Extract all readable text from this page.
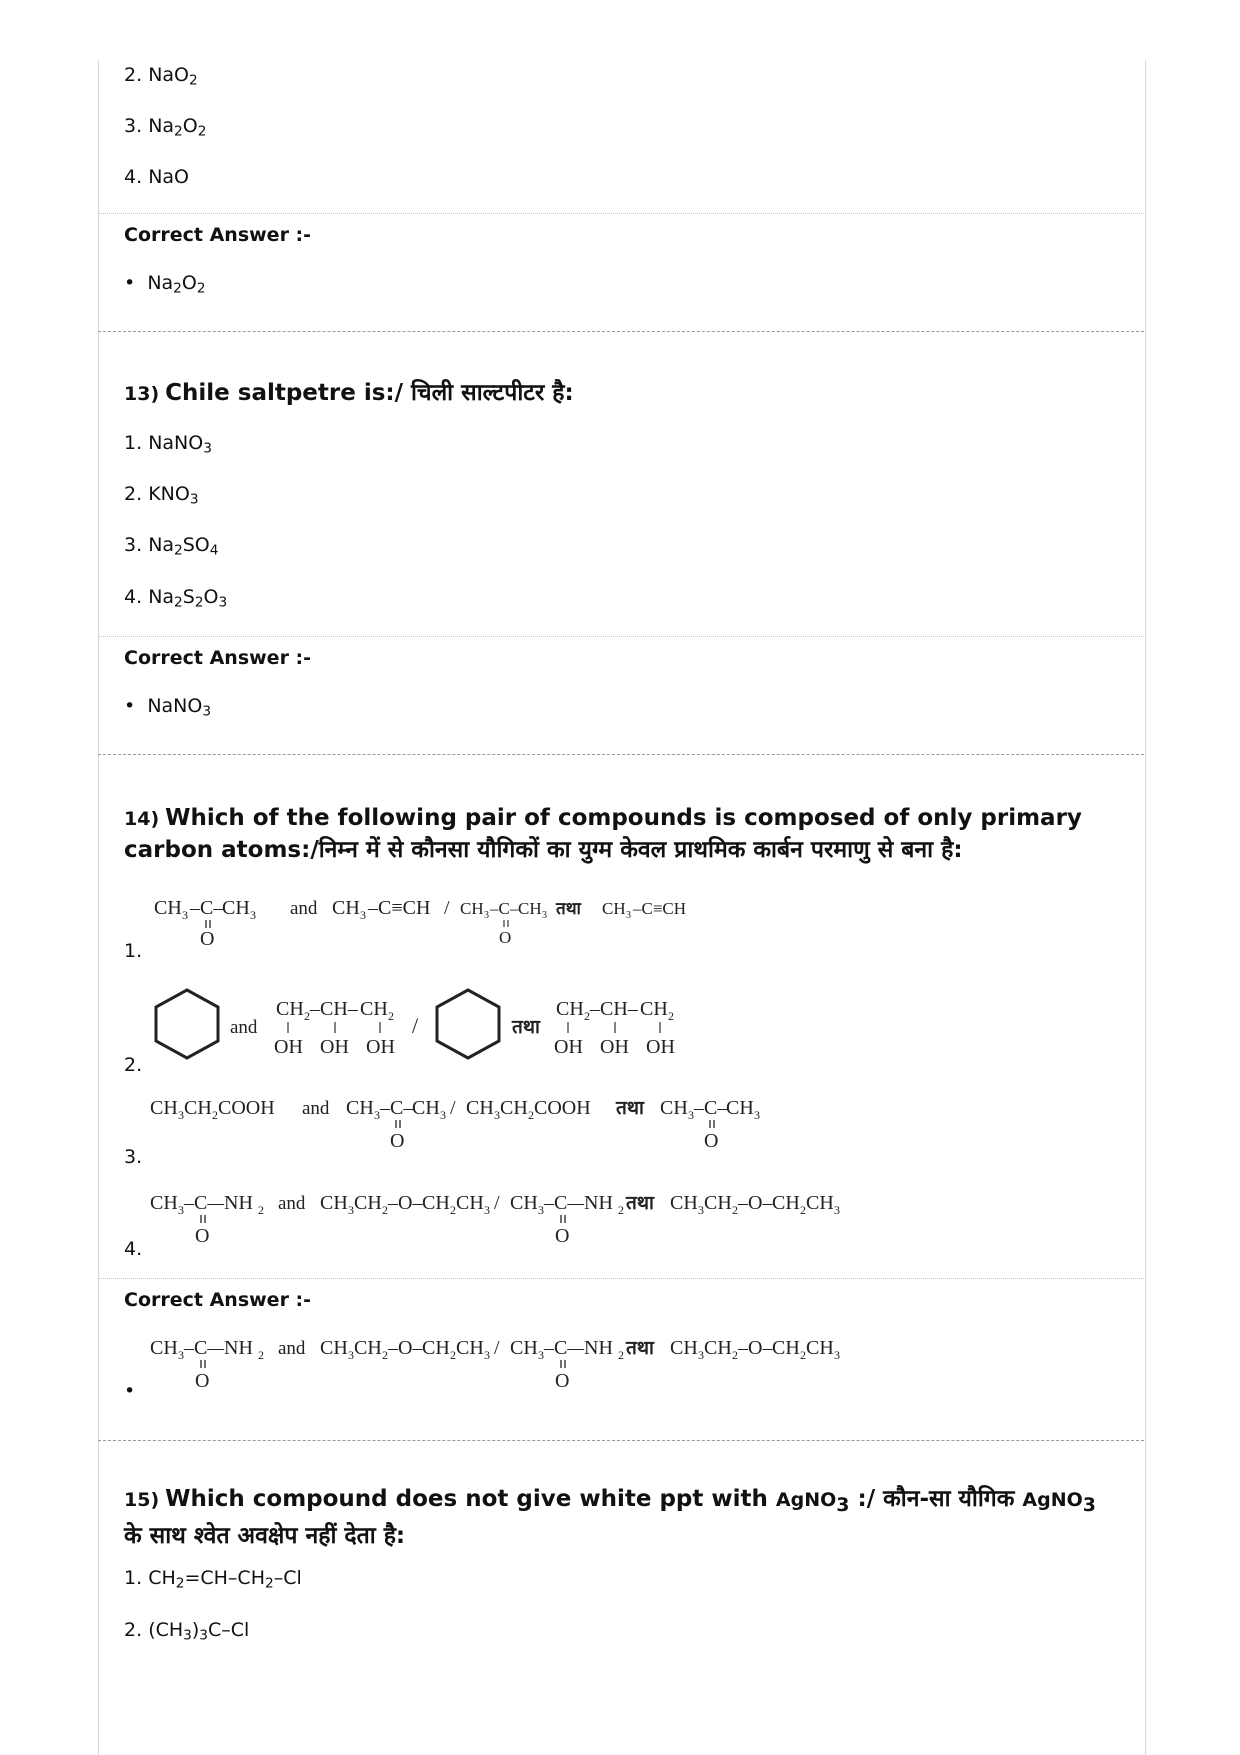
2. NaO$_2$
3. $Na_2O_2$
4. NaO
Correct Answer :-
• $Na_2O_2$
13) Chile saltpetre is:/ चिली साल्टपीटर है:
1. NaNO$_3$
2. $KNO_3$
3. $Na_2SO_4$
4. $Na_2S_2O_3$
Correct Answer :-
• NaNO$_3$
14) Which of the following pair of compounds is composed of only primary
carbon atoms:/निम्न में से कौनसा यौगिकों का युग्म केवल प्राथमिक कार्बन परमाणु से बना है:
CH 3 –C–
CH 3
O
and CH 3 –C≡CH / CH 3 –C– CH 3
O
तथा CH 3 –C≡CH
1.
and
CH 2 –CH– CH 2
OH OH OH
/	तथा
CH 2 –CH– CH 2
OH OH OH
2.
CH 3 CH 2 COOH and CH 3 –C–
CH 3
O
/ CH 3 CH 2 COOH तथा CH 3 –C–
CH 3
O
3.
CH 3 –C–
–NH 2
O
and CH 3 CH 2 –O– CH 2 CH 3 / CH 3 –C–
–NH 2
O
तथा CH 3 CH 2 –O– CH 2 CH 3
4.
Correct Answer :-
CH 3 –C–
–NH 2
O
and CH 3 CH 2 –O– CH 2 CH 3 / CH 3 –C–
–NH 2
O
तथा CH 3 CH 2 –O– CH 2 CH 3
•
15) Which compound does not give white ppt with AgNO$_3$ :/ कौन-सा यौगिक AgNO$_3$
के साथ श्वेत अवक्षेप नहीं देता है:
1. $CH_2=CH-CH_2-Cl$
2. $(CH_3)_3C-Cl$
